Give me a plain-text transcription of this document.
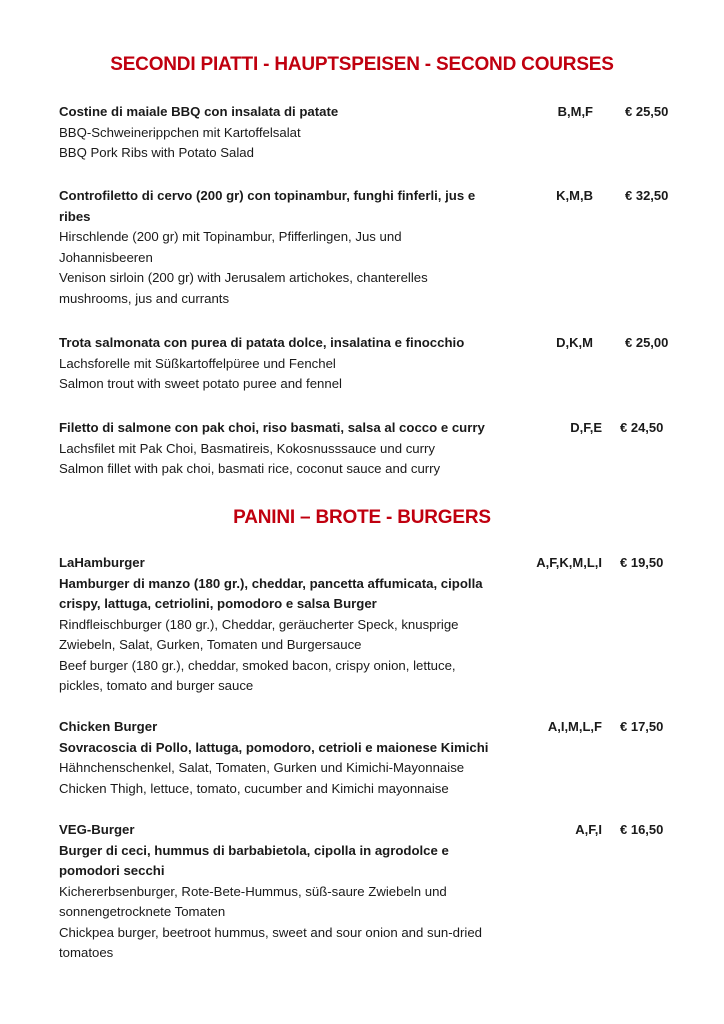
SECONDI PIATTI - HAUPTSPEISEN - SECOND COURSES
Costine di maiale BBQ con insalata di patate
BBQ-Schweinerippchen mit Kartoffelsalat
BBQ Pork Ribs with Potato Salad
B,M,F € 25,50
Controfiletto di cervo (200 gr) con topinambur, funghi finferli, jus e
ribes
Hirschlende (200 gr) mit Topinambur, Pfifferlingen, Jus und
Johannisbeeren
Venison sirloin (200 gr) with Jerusalem artichokes, chanterelles
mushrooms, jus and currants
K,M,B € 32,50
Trota salmonata con purea di patata dolce, insalatina e finocchio
Lachsforelle mit Süßkartoffelpüree und Fenchel
Salmon trout with sweet potato puree and fennel
D,K,M € 25,00
Filetto di salmone con pak choi, riso basmati, salsa al cocco e curry
Lachsfilet mit Pak Choi, Basmatireis, Kokosnusssauce und curry
Salmon fillet with pak choi, basmati rice, coconut sauce and curry
D,F,E € 24,50
PANINI – BROTE - BURGERS
LaHamburger
Hamburger di manzo (180 gr.), cheddar, pancetta affumicata, cipolla
crispy, lattuga, cetriolini, pomodoro e salsa Burger
Rindfleischburger (180 gr.), Cheddar, geräucherter Speck, knusprige
Zwiebeln, Salat, Gurken, Tomaten und Burgersauce
Beef burger (180 gr.), cheddar, smoked bacon, crispy onion, lettuce,
pickles, tomato and burger sauce
A,F,K,M,L,I € 19,50
Chicken Burger
Sovracoscia di Pollo, lattuga, pomodoro, cetrioli e maionese Kimichi
Hähnchenschenkel, Salat, Tomaten, Gurken und Kimichi-Mayonnaise
Chicken Thigh, lettuce, tomato, cucumber and Kimichi mayonnaise
A,I,M,L,F € 17,50
VEG-Burger
Burger di ceci, hummus di barbabietola, cipolla in agrodolce e
pomodori secchi
Kichererbsenburger, Rote-Bete-Hummus, süß-saure Zwiebeln und
sonnengetrocknete Tomaten
Chickpea burger, beetroot hummus, sweet and sour onion and sun-dried
tomatoes
A,F,I € 16,50
